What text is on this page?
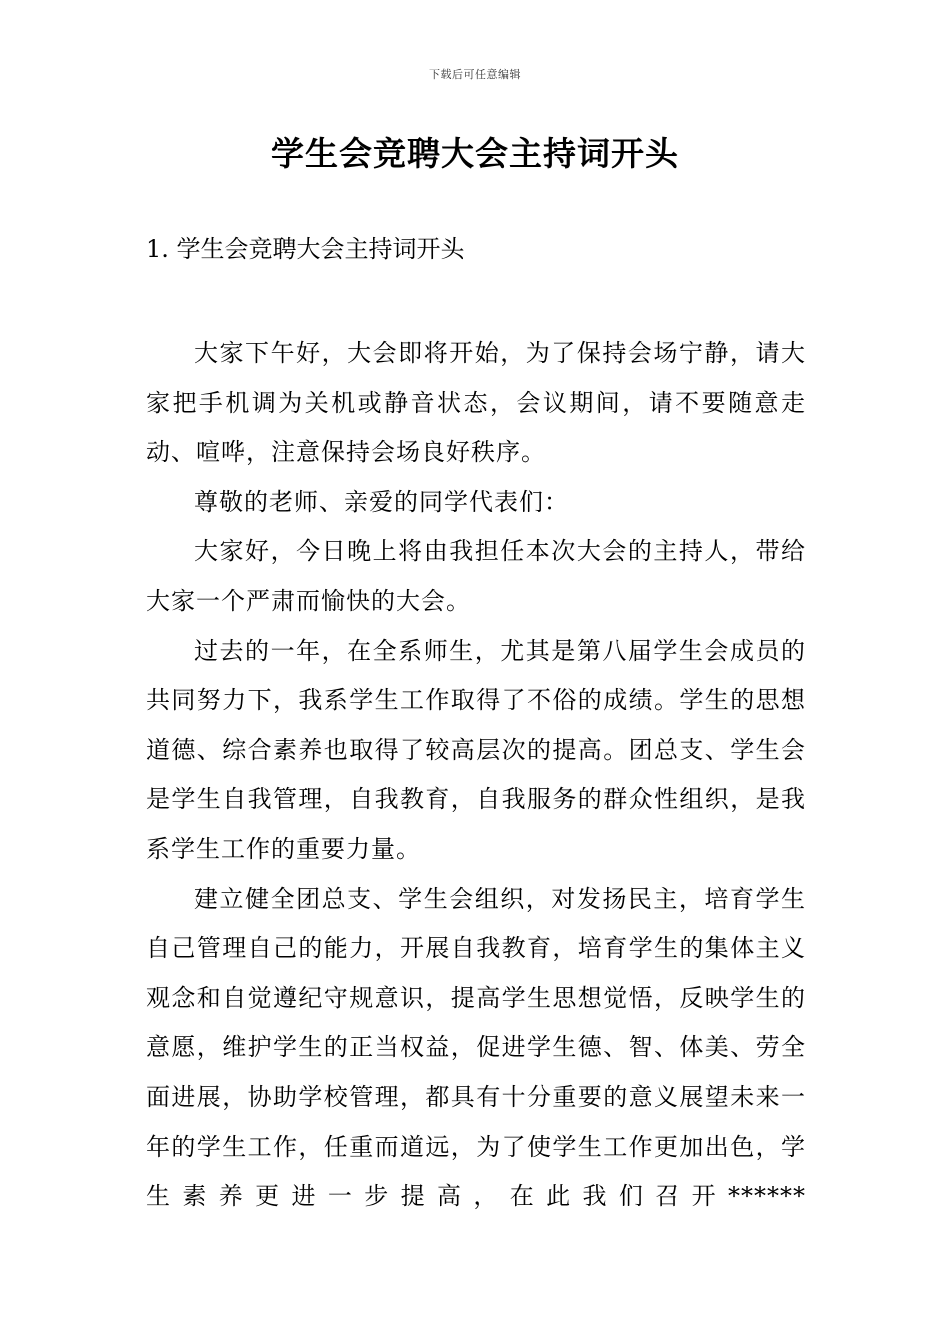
下载后可任意编辑
学生会竞聘大会主持词开头
1. 学生会竞聘大会主持词开头

大家下午好，大会即将开始，为了保持会场宁静，请大家把手机调为关机或静音状态，会议期间，请不要随意走动、喧哗，注意保持会场良好秩序。

尊敬的老师、亲爱的同学代表们：

大家好，今日晚上将由我担任本次大会的主持人，带给大家一个严肃而愉快的大会。

过去的一年，在全系师生，尤其是第八届学生会成员的共同努力下，我系学生工作取得了不俗的成绩。学生的思想道德、综合素养也取得了较高层次的提高。团总支、学生会是学生自我管理，自我教育，自我服务的群众性组织，是我系学生工作的重要力量。

建立健全团总支、学生会组织，对发扬民主，培育学生自己管理自己的能力，开展自我教育，培育学生的集体主义观念和自觉遵纪守规意识，提高学生思想觉悟，反映学生的意愿，维护学生的正当权益，促进学生德、智、体美、劳全面进展，协助学校管理，都具有十分重要的意义展望未来一年的学生工作，任重而道远，为了使学生工作更加出色，学生素养更进一步提高，在此我们召开******
